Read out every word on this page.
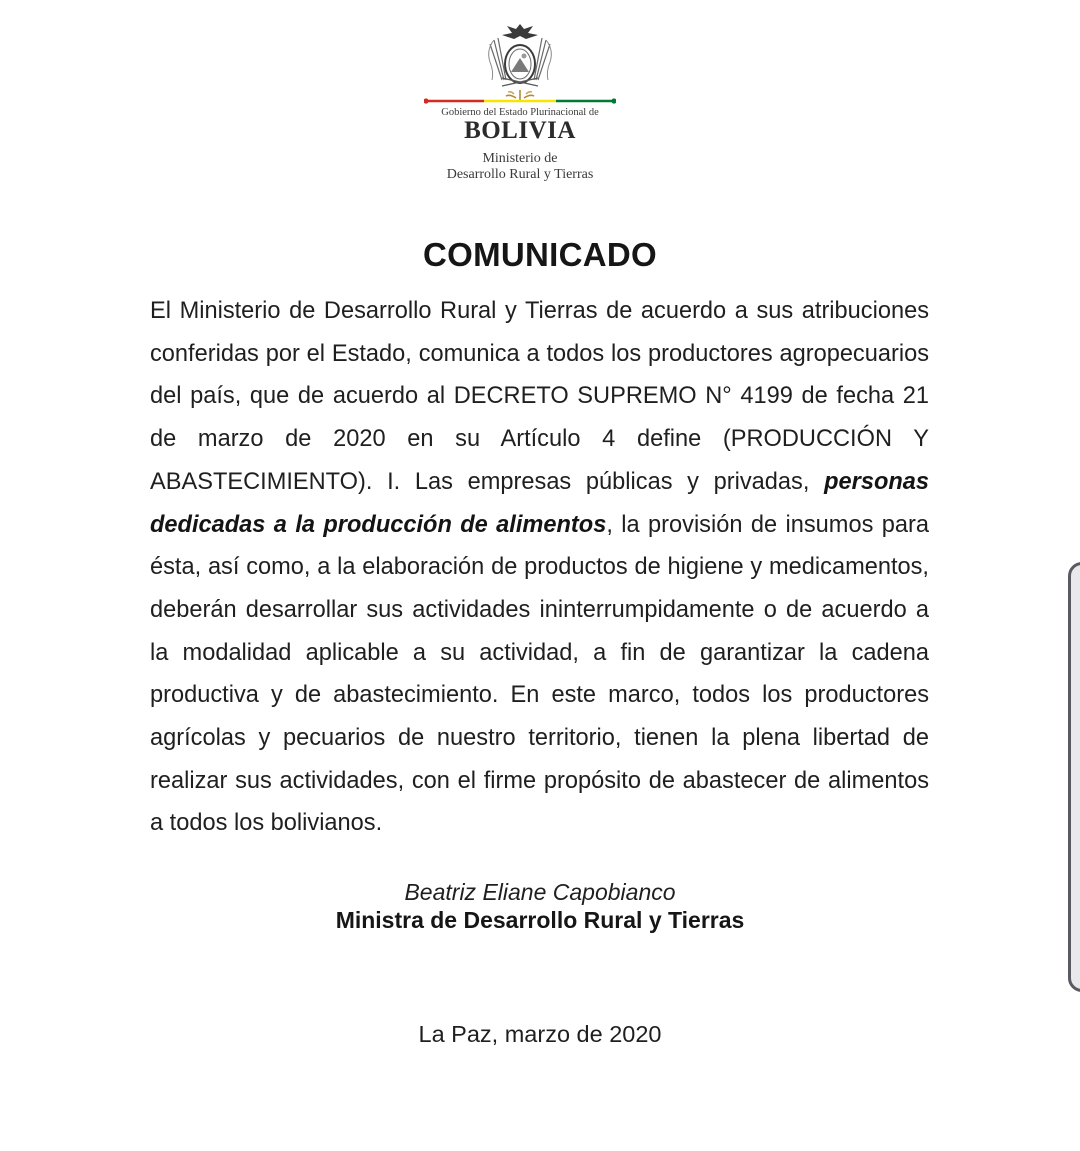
Gobierno del Estado Plurinacional de
BOLIVIA
Ministerio de
Desarrollo Rural y Tierras
COMUNICADO
El Ministerio de Desarrollo Rural y Tierras de acuerdo a sus atribuciones conferidas por el Estado, comunica a todos los productores agropecuarios del país, que de acuerdo al DECRETO SUPREMO N° 4199 de fecha 21 de marzo de 2020 en su Artículo 4 define (PRODUCCIÓN Y ABASTECIMIENTO). I. Las empresas públicas y privadas, personas dedicadas a la producción de alimentos, la provisión de insumos para ésta, así como, a la elaboración de productos de higiene y medicamentos, deberán desarrollar sus actividades ininterrumpidamente o de acuerdo a la modalidad aplicable a su actividad, a fin de garantizar la cadena productiva y de abastecimiento. En este marco, todos los productores agrícolas y pecuarios de nuestro territorio, tienen la plena libertad de realizar sus actividades, con el firme propósito de abastecer de alimentos a todos los bolivianos.
Beatriz Eliane Capobianco
Ministra de Desarrollo Rural y Tierras
La Paz, marzo de 2020
